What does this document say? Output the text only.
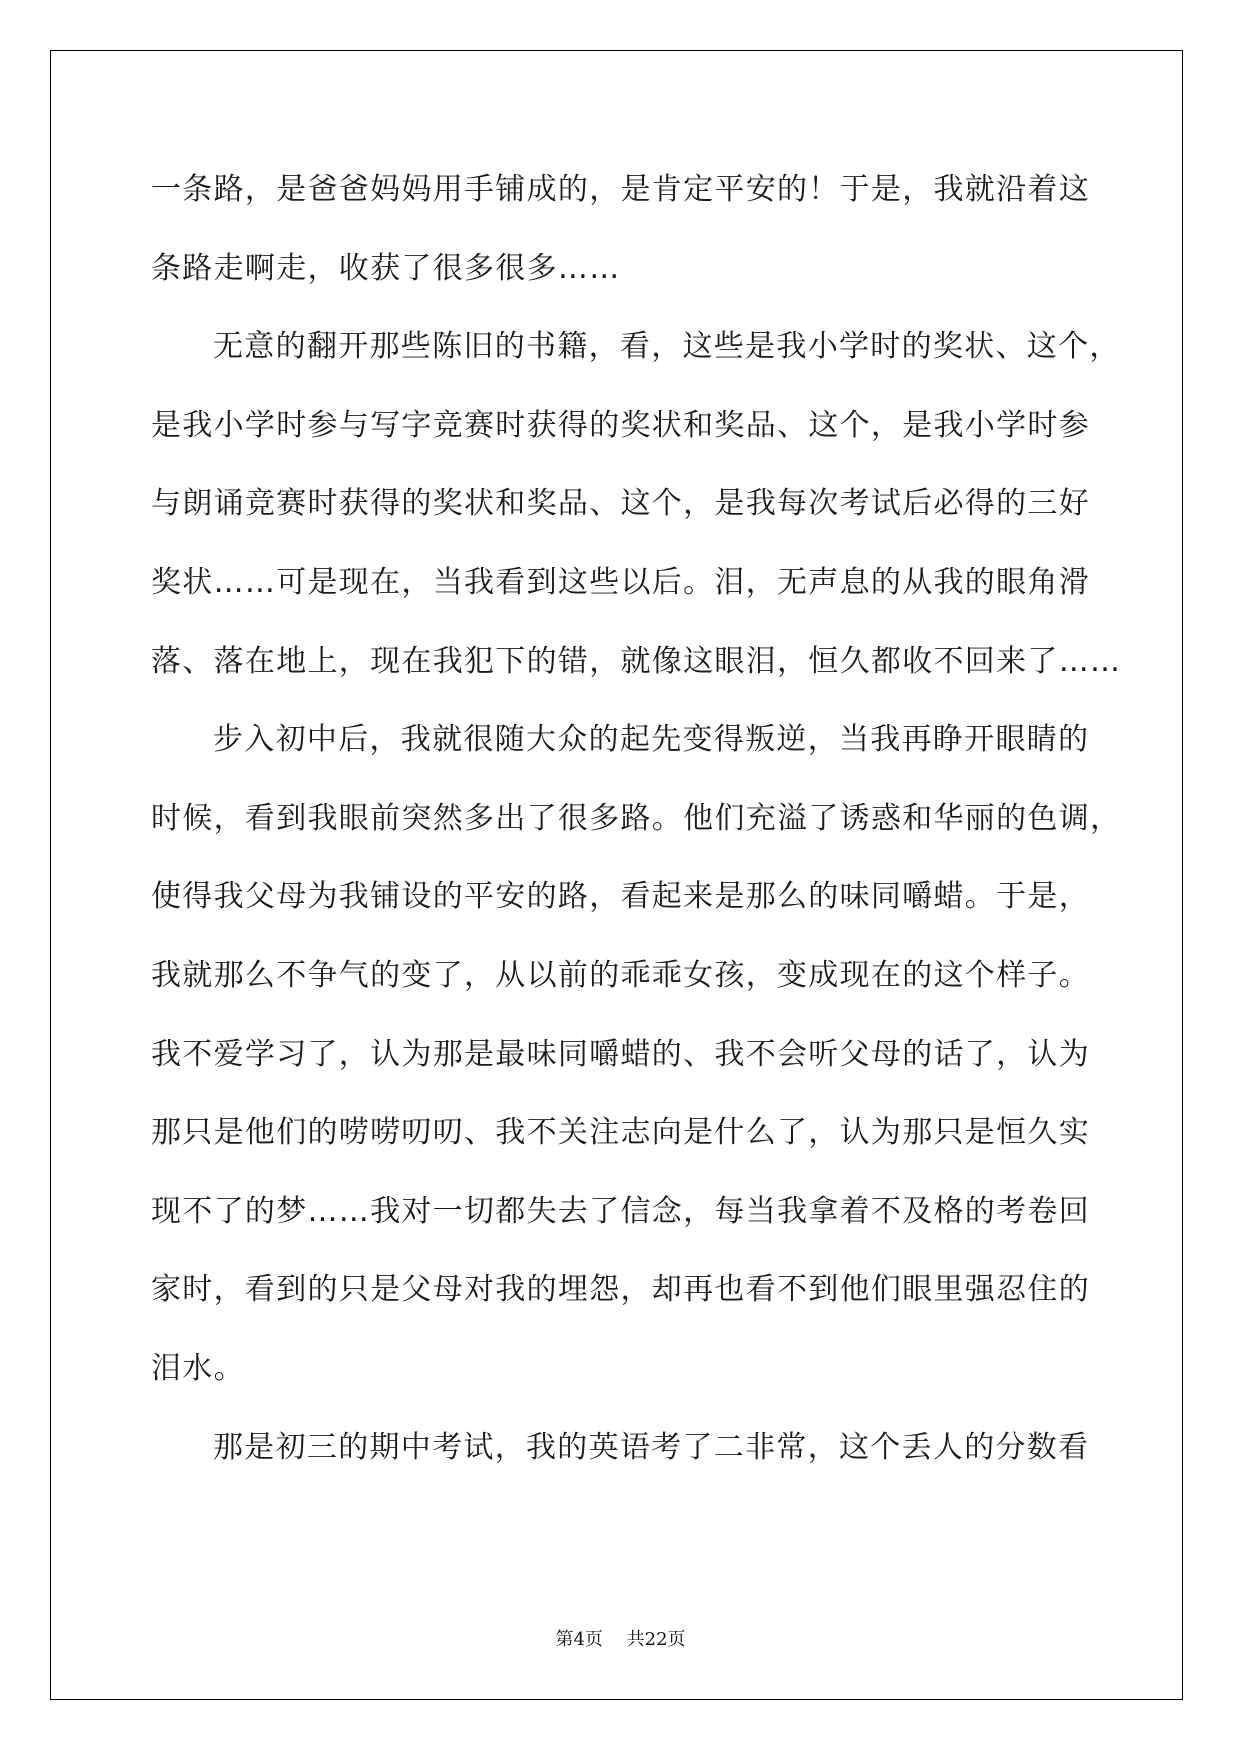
一条路，是爸爸妈妈用手铺成的，是肯定平安的！于是，我就沿着这
条路走啊走，收获了很多很多……
无意的翻开那些陈旧的书籍，看，这些是我小学时的奖状、这个，
是我小学时参与写字竞赛时获得的奖状和奖品、这个，是我小学时参
与朗诵竞赛时获得的奖状和奖品、这个，是我每次考试后必得的三好
奖状……可是现在，当我看到这些以后。泪，无声息的从我的眼角滑
落、落在地上，现在我犯下的错，就像这眼泪，恒久都收不回来了……
步入初中后，我就很随大众的起先变得叛逆，当我再睁开眼睛的
时候，看到我眼前突然多出了很多路。他们充溢了诱惑和华丽的色调，
使得我父母为我铺设的平安的路，看起来是那么的味同嚼蜡。于是，
我就那么不争气的变了，从以前的乖乖女孩，变成现在的这个样子。
我不爱学习了，认为那是最味同嚼蜡的、我不会听父母的话了，认为
那只是他们的唠唠叨叨、我不关注志向是什么了，认为那只是恒久实
现不了的梦……我对一切都失去了信念，每当我拿着不及格的考卷回
家时，看到的只是父母对我的埋怨，却再也看不到他们眼里强忍住的
泪水。
那是初三的期中考试，我的英语考了二非常，这个丢人的分数看
第4页 共22页
